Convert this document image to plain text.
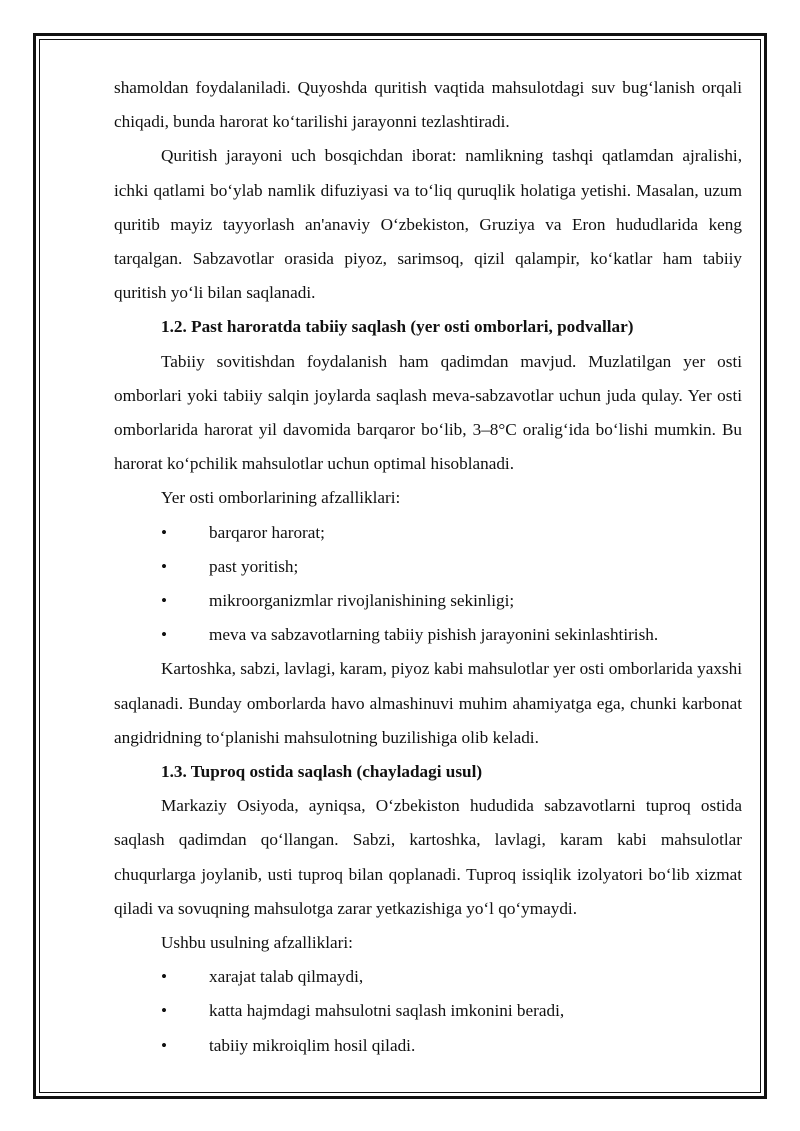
shamoldan foydalaniladi. Quyoshda quritish vaqtida mahsulotdagi suv bug‘lanish orqali chiqadi, bunda harorat ko‘tarilishi jarayonni tezlashtiradi.

Quritish jarayoni uch bosqichdan iborat: namlikning tashqi qatlamdan ajralishi, ichki qatlami bo‘ylab namlik difuziyasi va to‘liq quruqlik holatiga yetishi. Masalan, uzum quritib mayiz tayyorlash an'anaviy O‘zbekiston, Gruziya va Eron hududlarida keng tarqalgan. Sabzavotlar orasida piyoz, sarimsoq, qizil qalampir, ko‘katlar ham tabiiy quritish yo‘li bilan saqlanadi.

1.2. Past haroratda tabiiy saqlash (yer osti omborlari, podvallar)

Tabiiy sovitishdan foydalanish ham qadimdan mavjud. Muzlatilgan yer osti omborlari yoki tabiiy salqin joylarda saqlash meva-sabzavotlar uchun juda qulay. Yer osti omborlarida harorat yil davomida barqaror bo‘lib, 3–8°C oralig‘ida bo‘lishi mumkin. Bu harorat ko‘pchilik mahsulotlar uchun optimal hisoblanadi.

Yer osti omborlarining afzalliklari:

• barqaror harorat;
• past yoritish;
• mikroorganizmlar rivojlanishining sekinligi;
• meva va sabzavotlarning tabiiy pishish jarayonini sekinlashtirish.

Kartoshka, sabzi, lavlagi, karam, piyoz kabi mahsulotlar yer osti omborlarida yaxshi saqlanadi. Bunday omborlarda havo almashinuvi muhim ahamiyatga ega, chunki karbonat angidridning to‘planishi mahsulotning buzilishiga olib keladi.

1.3. Tuproq ostida saqlash (chayladagi usul)

Markaziy Osiyoda, ayniqsa, O‘zbekiston hududida sabzavotlarni tuproq ostida saqlash qadimdan qo‘llangan. Sabzi, kartoshka, lavlagi, karam kabi mahsulotlar chuqurlarga joylanib, usti tuproq bilan qoplanadi. Tuproq issiqlik izolyatori bo‘lib xizmat qiladi va sovuqning mahsulotga zarar yetkazishiga yo‘l qo‘ymaydi.

Ushbu usulning afzalliklari:

• xarajat talab qilmaydi,
• katta hajmdagi mahsulotni saqlash imkonini beradi,
• tabiiy mikroiqlim hosil qiladi.
